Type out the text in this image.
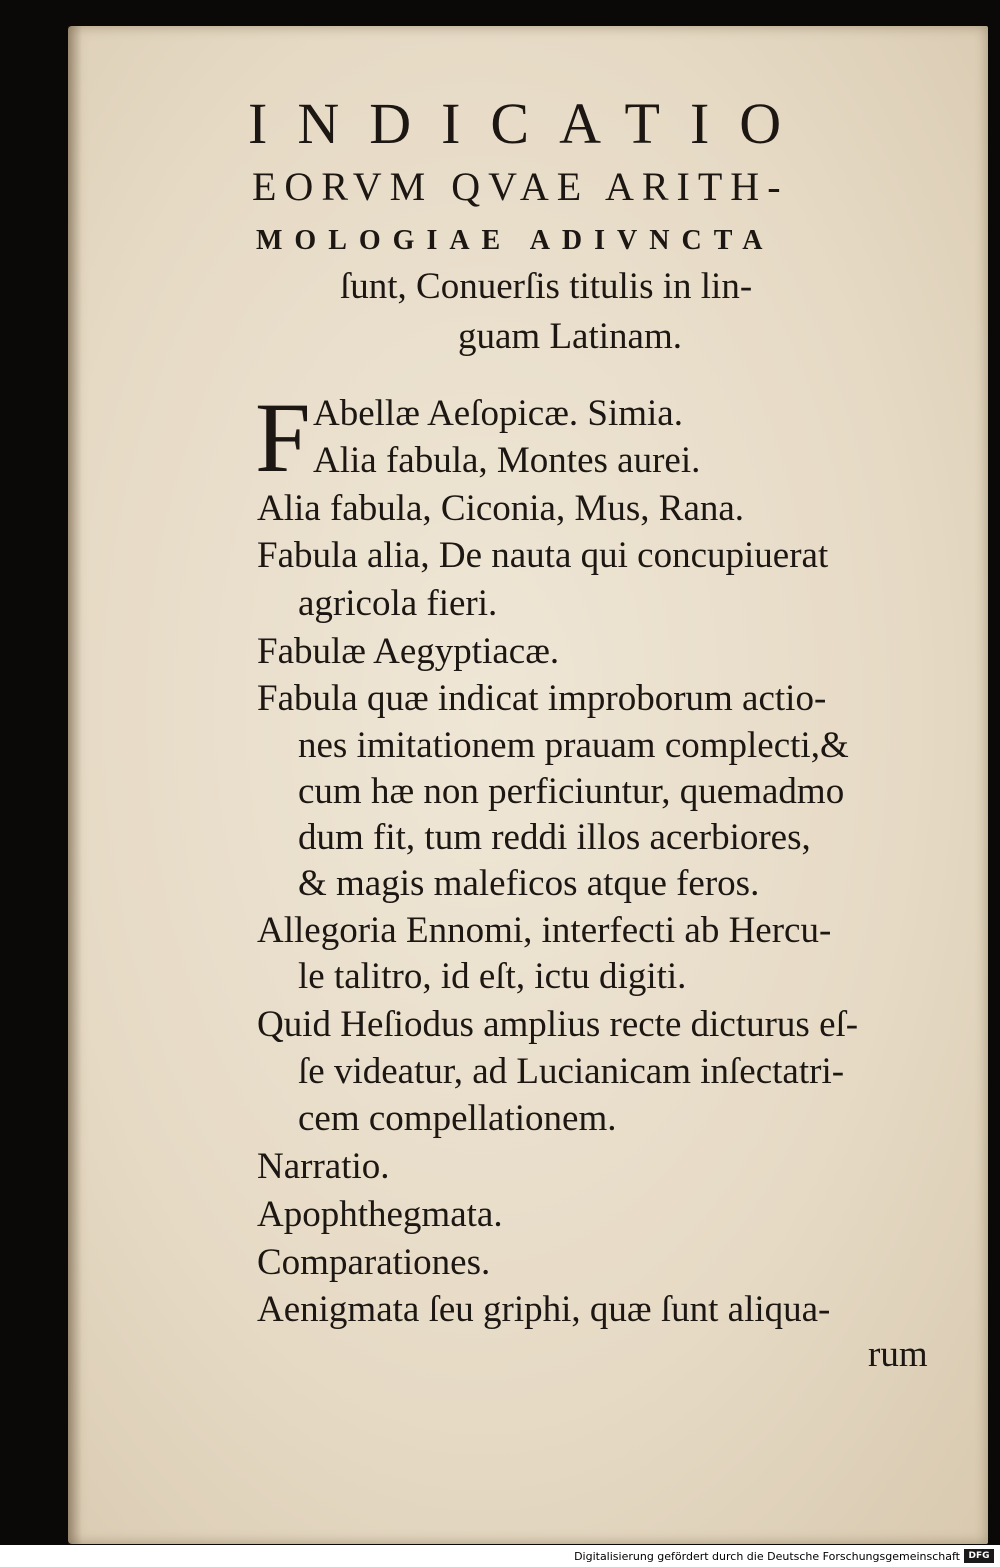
INDICATIO
EORVM QVAE ARITH-
MOLOGIAE ADIVNCTA
ſunt, Conuerſis titulis in lin-
guam Latinam.
F Abellæ Aeſopicæ. Simia.
Alia fabula, Montes aurei.
Alia fabula, Ciconia, Mus, Rana.
Fabula alia, De nauta qui concupiuerat
agricola fieri.
Fabulæ Aegyptiacæ.
Fabula quæ indicat improborum actio-
nes imitationem prauam complecti,&
cum hæ non perficiuntur, quemadmo
dum fit, tum reddi illos acerbiores,
& magis maleficos atque feros.
Allegoria Ennomi, interfecti ab Hercu-
le talitro, id eſt, ictu digiti.
Quid Heſiodus amplius recte dicturus eſ-
ſe videatur, ad Lucianicam inſectatri-
cem compellationem.
Narratio.
Apophthegmata.
Comparationes.
Aenigmata ſeu griphi, quæ ſunt aliqua-
rum
Digitalisierung gefördert durch die Deutsche Forschungsgemeinschaft DFG
